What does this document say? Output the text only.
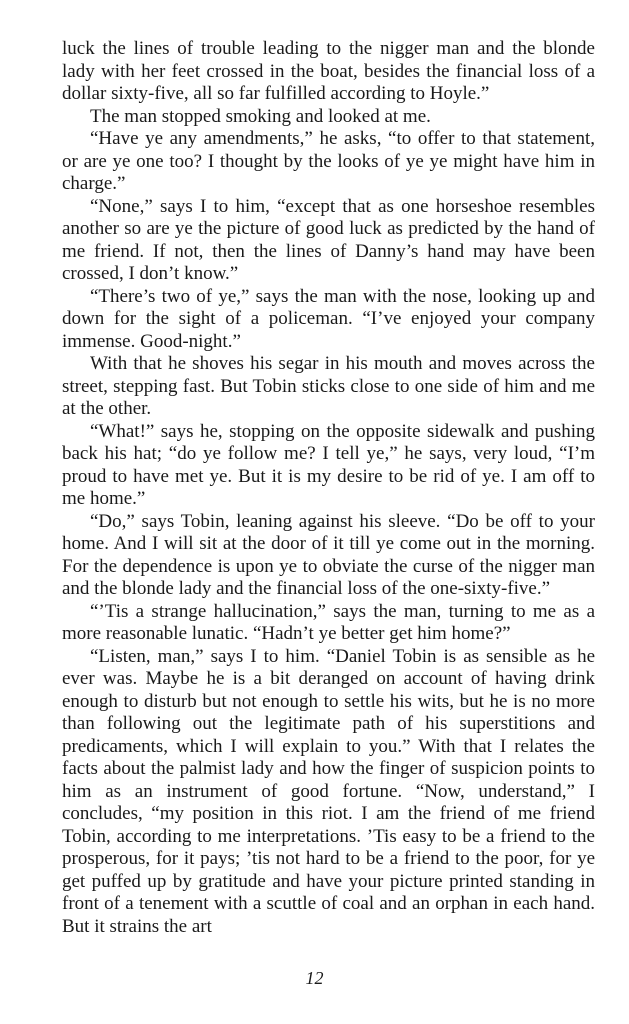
luck the lines of trouble leading to the nigger man and the blonde lady with her feet crossed in the boat, besides the financial loss of a dollar sixty-five, all so far fulfilled according to Hoyle.”

The man stopped smoking and looked at me.

“Have ye any amendments,” he asks, “to offer to that statement, or are ye one too? I thought by the looks of ye ye might have him in charge.”

“None,” says I to him, “except that as one horseshoe resembles another so are ye the picture of good luck as predicted by the hand of me friend. If not, then the lines of Danny’s hand may have been crossed, I don’t know.”

“There’s two of ye,” says the man with the nose, looking up and down for the sight of a policeman. “I’ve enjoyed your company immense. Good-night.”

With that he shoves his segar in his mouth and moves across the street, stepping fast. But Tobin sticks close to one side of him and me at the other.

“What!” says he, stopping on the opposite sidewalk and pushing back his hat; “do ye follow me? I tell ye,” he says, very loud, “I’m proud to have met ye. But it is my desire to be rid of ye. I am off to me home.”

“Do,” says Tobin, leaning against his sleeve. “Do be off to your home. And I will sit at the door of it till ye come out in the morning. For the dependence is upon ye to obviate the curse of the nigger man and the blonde lady and the financial loss of the one-sixty-five.”

“’Tis a strange hallucination,” says the man, turning to me as a more reasonable lunatic. “Hadn’t ye better get him home?”

“Listen, man,” says I to him. “Daniel Tobin is as sensible as he ever was. Maybe he is a bit deranged on account of having drink enough to disturb but not enough to settle his wits, but he is no more than following out the legitimate path of his superstitions and predicaments, which I will explain to you.” With that I relates the facts about the palmist lady and how the finger of suspicion points to him as an instrument of good fortune. “Now, understand,” I concludes, “my position in this riot. I am the friend of me friend Tobin, according to me interpretations. ’Tis easy to be a friend to the prosperous, for it pays; ’tis not hard to be a friend to the poor, for ye get puffed up by gratitude and have your picture printed standing in front of a tenement with a scuttle of coal and an orphan in each hand. But it strains the art

12
